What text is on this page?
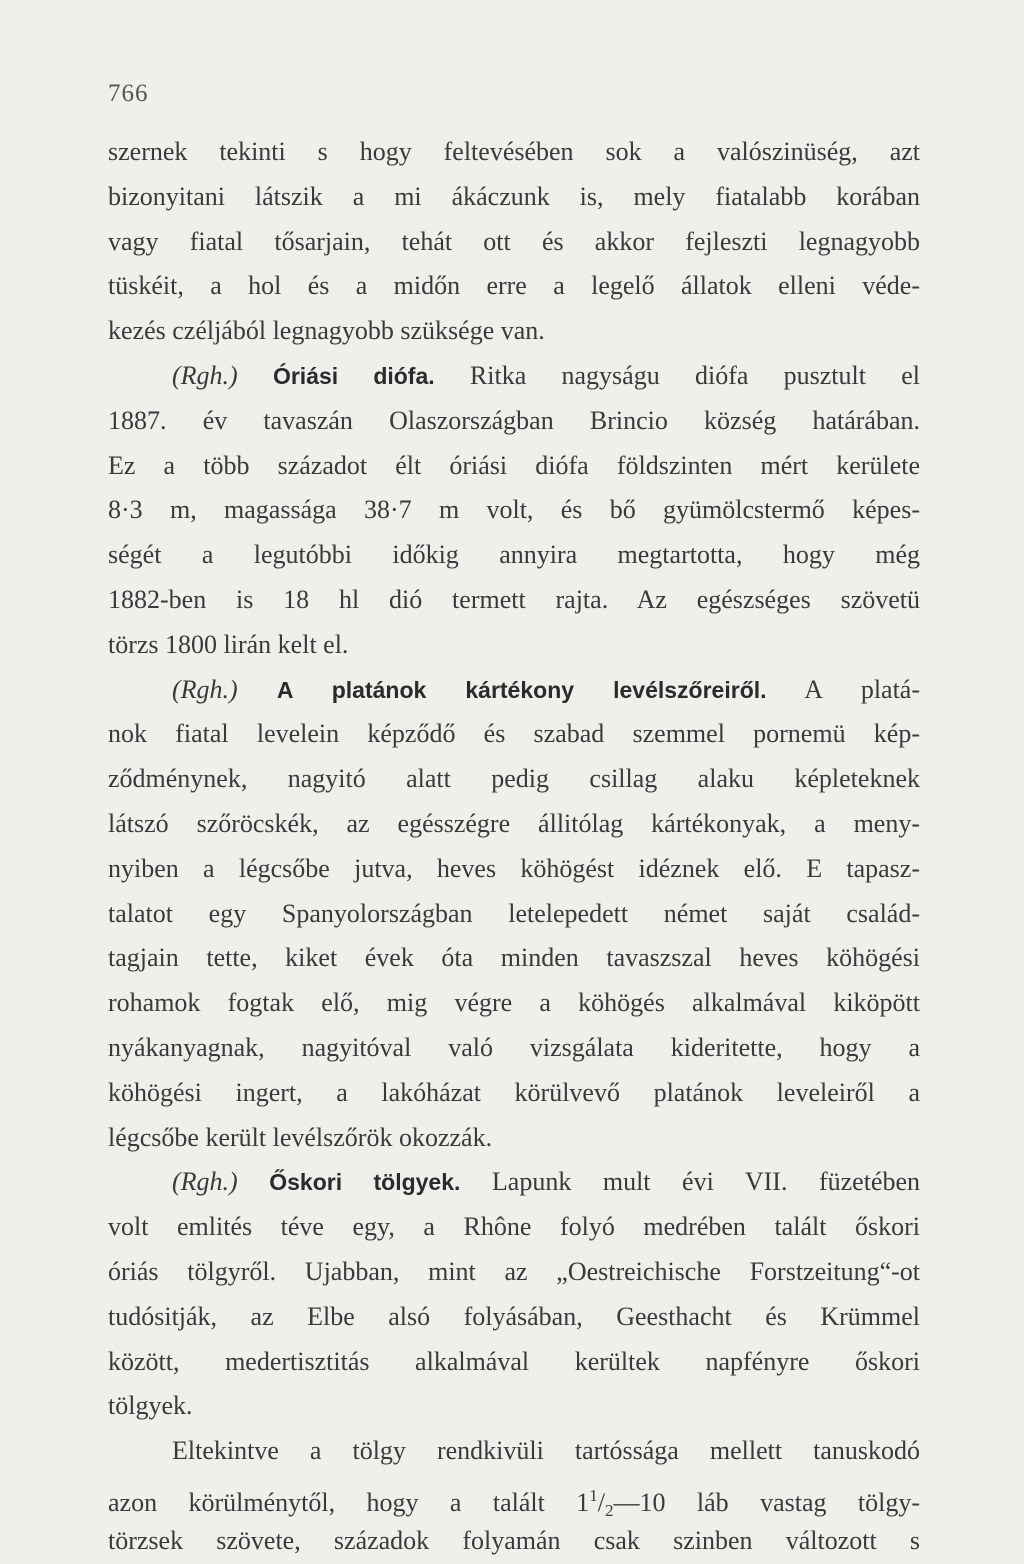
766
szernek tekinti s hogy feltevésében sok a valószinüség, azt
bizonyitani látszik a mi ákáczunk is, mely fiatalabb korában
vagy fiatal tősarjain, tehát ott és akkor fejleszti legnagyobb
tüskéit, a hol és a midőn erre a legelő állatok elleni véde-
kezés czéljából legnagyobb szüksége van.
(Rgh.) Óriási diófa. Ritka nagyságu diófa pusztult el
1887. év tavaszán Olaszországban Brincio község határában.
Ez a több századot élt óriási diófa földszinten mért kerülete
8·3 m, magassága 38·7 m volt, és bő gyümölcstermő képes-
ségét a legutóbbi időkig annyira megtartotta, hogy még
1882-ben is 18 hl dió termett rajta. Az egészséges szövetü
törzs 1800 lirán kelt el.
(Rgh.) A platánok kártékony levélszőreiről. A platá-
nok fiatal levelein képződő és szabad szemmel pornemü kép-
ződménynek, nagyitó alatt pedig csillag alaku képleteknek
látszó szőröcskék, az egésszégre állitólag kártékonyak, a meny-
nyiben a légcsőbe jutva, heves köhögést idéznek elő. E tapasz-
talatot egy Spanyolországban letelepedett német saját család-
tagjain tette, kiket évek óta minden tavaszszal heves köhögési
rohamok fogtak elő, mig végre a köhögés alkalmával kiköpött
nyákanyagnak, nagyitóval való vizsgálata kideritette, hogy a
köhögési ingert, a lakóházat körülvevő platánok leveleiről a
légcsőbe került levélszőrök okozzák.
(Rgh.) Őskori tölgyek. Lapunk mult évi VII. füzetében
volt emlités téve egy, a Rhône folyó medrében talált őskori
óriás tölgyről. Ujabban, mint az „Oestreichische Forstzeitung“-ot
tudósitják, az Elbe alsó folyásában, Geesthacht és Krümmel
között, medertisztitás alkalmával kerültek napfényre őskori
tölgyek.
Eltekintve a tölgy rendkivüli tartóssága mellett tanuskodó
azon körülménytől, hogy a talált $1^1/_2—10$ láb vastag tölgy-
törzsek szövete, századok folyamán csak szinben változott s
